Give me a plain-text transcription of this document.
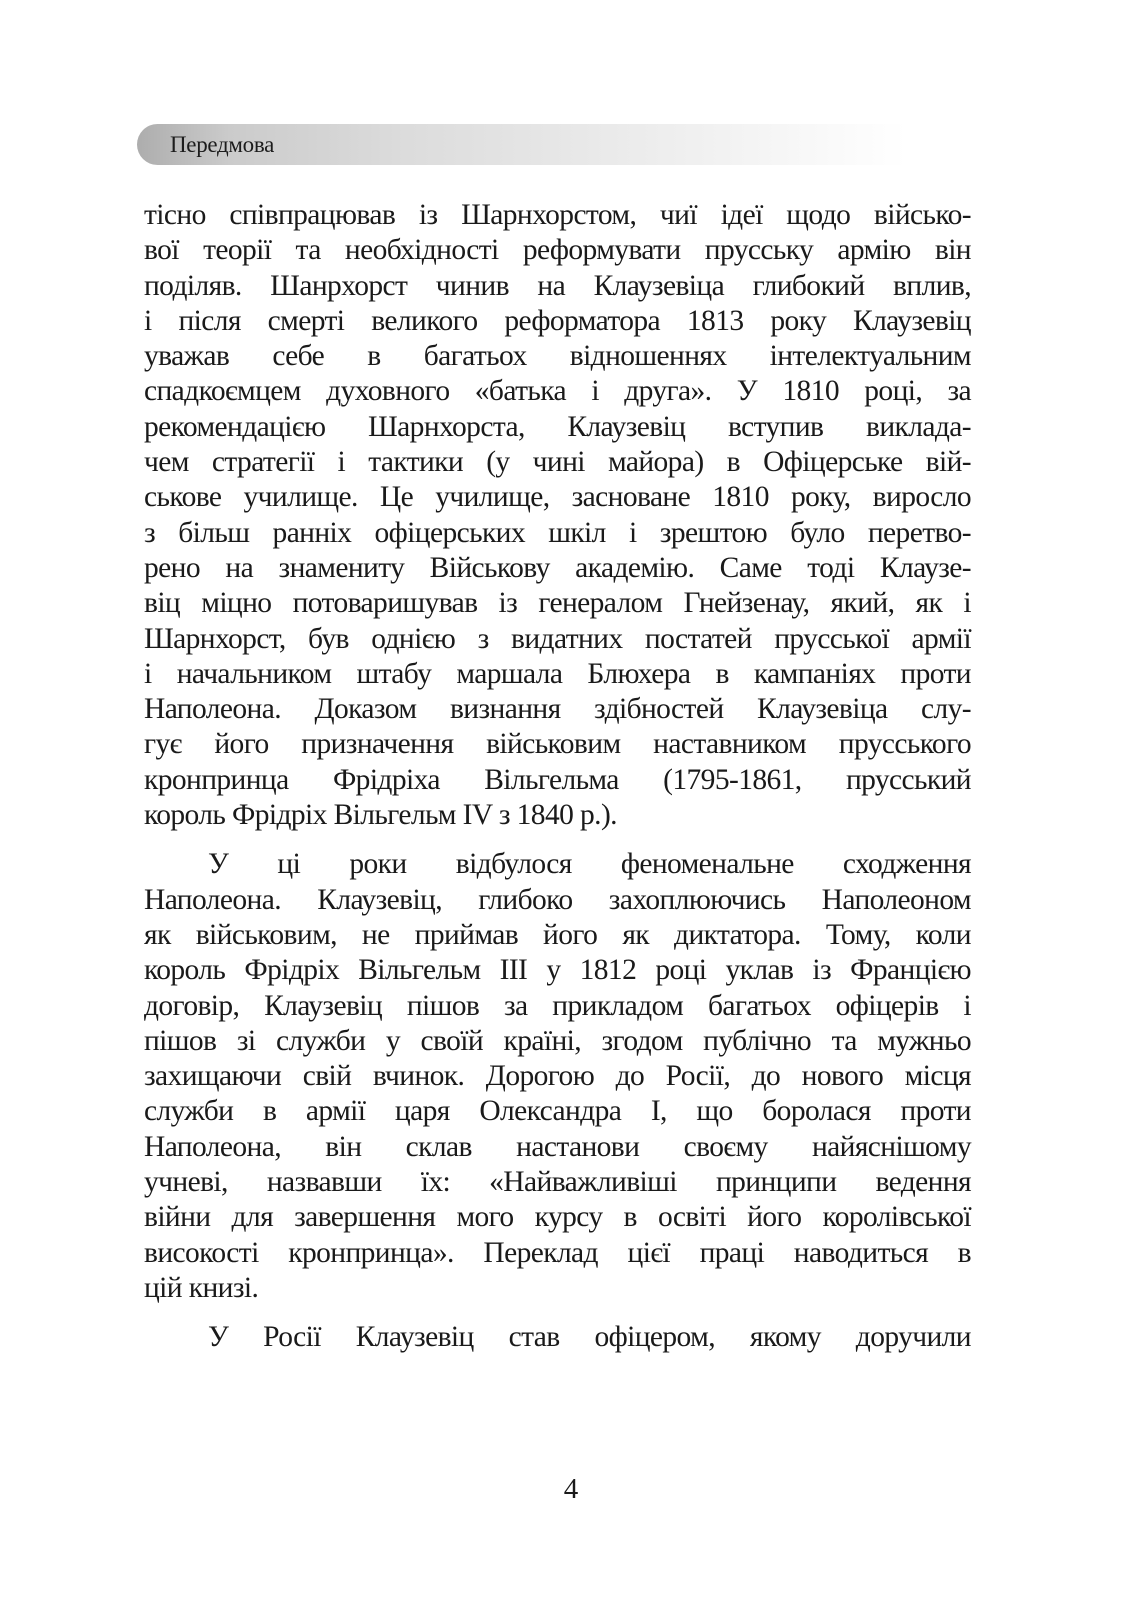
Передмова
тісно співпрацював із Шарнхорстом, чиї ідеї щодо військо-
вої теорії та необхідності реформувати прусську армію він
поділяв. Шанрхорст чинив на Клаузевіца глибокий вплив,
і після смерті великого реформатора 1813 року Клаузевіц
уважав себе в багатьох відношеннях інтелектуальним
спадкоємцем духовного «батька і друга». У 1810 році, за
рекомендацією Шарнхорста, Клаузевіц вступив виклада-
чем стратегії і тактики (у чині майора) в Офіцерське вій-
ськове училище. Це училище, засноване 1810 року, виросло
з більш ранніх офіцерських шкіл і зрештою було перетво-
рено на знамениту Військову академію. Саме тоді Клаузе-
віц міцно потоваришував із генералом Гнейзенау, який, як і
Шарнхорст, був однією з видатних постатей прусської армії
і начальником штабу маршала Блюхера в кампаніях проти
Наполеона. Доказом визнання здібностей Клаузевіца слу-
гує його призначення військовим наставником прусського
кронпринца Фрідріха Вільгельма (1795-1861, прусський
король Фрідріх Вільгельм IV з 1840 р.).
У ці роки відбулося феноменальне сходження
Наполеона. Клаузевіц, глибоко захоплюючись Наполеоном
як військовим, не приймав його як диктатора. Тому, коли
король Фрідріх Вільгельм III у 1812 році уклав із Францією
договір, Клаузевіц пішов за прикладом багатьох офіцерів і
пішов зі служби у своїй країні, згодом публічно та мужньо
захищаючи свій вчинок. Дорогою до Росії, до нового місця
служби в армії царя Олександра I, що боролася проти
Наполеона, він склав настанови своєму найяснішому
учневі, назвавши їх: «Найважливіші принципи ведення
війни для завершення мого курсу в освіті його королівської
високості кронпринца». Переклад цієї праці наводиться в
цій книзі.
У Росії Клаузевіц став офіцером, якому доручили
4
